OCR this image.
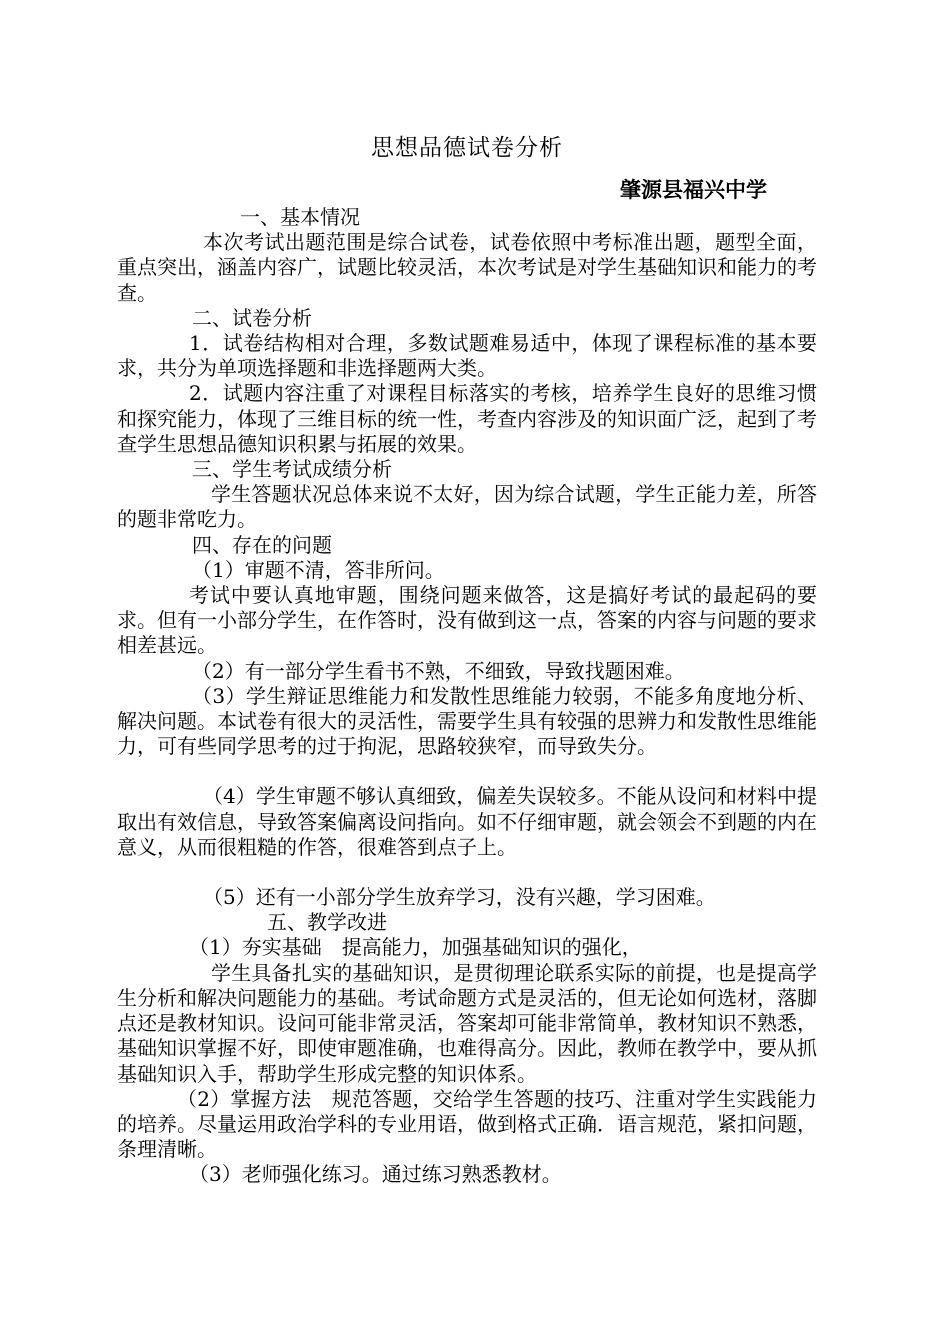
思想品德试卷分析
肇源县福兴中学
一、基本情况
本次考试出题范围是综合试卷，试卷依照中考标准出题，题型全面，重点突出，涵盖内容广，试题比较灵活，本次考试是对学生基础知识和能力的考查。
二、试卷分析
1．试卷结构相对合理，多数试题难易适中，体现了课程标准的基本要求，共分为单项选择题和非选择题两大类。
2．试题内容注重了对课程目标落实的考核，培养学生良好的思维习惯和探究能力，体现了三维目标的统一性，考查内容涉及的知识面广泛，起到了考查学生思想品德知识积累与拓展的效果。
三、学生考试成绩分析
学生答题状况总体来说不太好，因为综合试题，学生正能力差，所答的题非常吃力。
四、存在的问题
（1）审题不清，答非所问。
考试中要认真地审题，围绕问题来做答，这是搞好考试的最起码的要求。但有一小部分学生，在作答时，没有做到这一点，答案的内容与问题的要求相差甚远。
（2）有一部分学生看书不熟，不细致，导致找题困难。
（3）学生辩证思维能力和发散性思维能力较弱，不能多角度地分析、解决问题。本试卷有很大的灵活性，需要学生具有较强的思辨力和发散性思维能力，可有些同学思考的过于拘泥，思路较狭窄，而导致失分。
（4）学生审题不够认真细致，偏差失误较多。不能从设问和材料中提取出有效信息，导致答案偏离设问指向。如不仔细审题，就会领会不到题的内在意义，从而很粗糙的作答，很难答到点子上。
（5）还有一小部分学生放弃学习，没有兴趣，学习困难。
五、教学改进
（1）夯实基础　提高能力，加强基础知识的强化，
学生具备扎实的基础知识，是贯彻理论联系实际的前提，也是提高学生分析和解决问题能力的基础。考试命题方式是灵活的，但无论如何选材，落脚点还是教材知识。设问可能非常灵活，答案却可能非常简单，教材知识不熟悉，基础知识掌握不好，即使审题准确，也难得高分。因此，教师在教学中，要从抓基础知识入手，帮助学生形成完整的知识体系。
（2）掌握方法　规范答题，交给学生答题的技巧、注重对学生实践能力的培养。尽量运用政治学科的专业用语，做到格式正确．语言规范，紧扣问题，条理清晰。
（3）老师强化练习。通过练习熟悉教材。
